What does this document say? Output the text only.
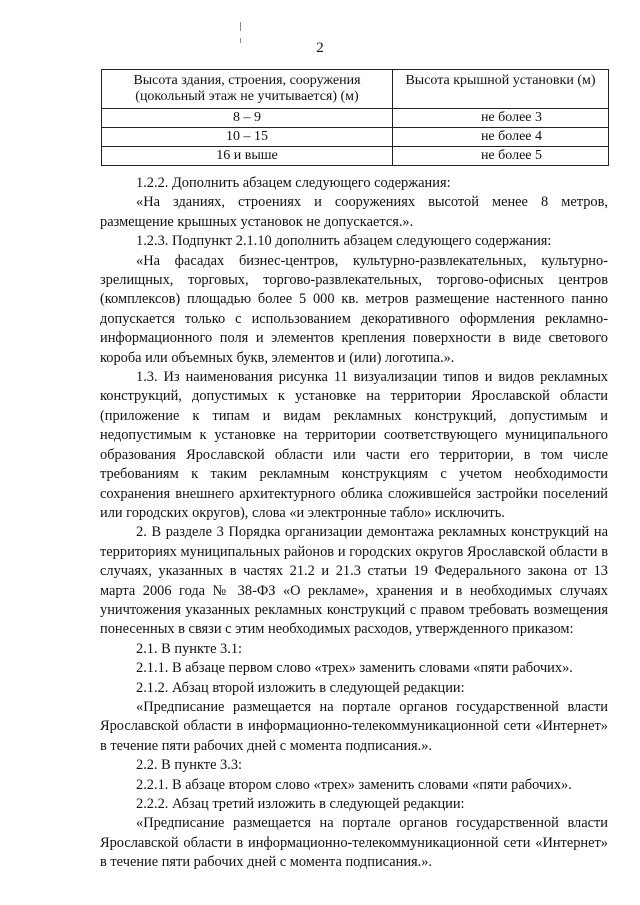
2
Высота здания, строения, сооружения (цокольный этаж не учитывается) (м)	Высота крышной установки (м)
8 – 9	не более 3
10 – 15	не более 4
16 и выше	не более 5

1.2.2. Дополнить абзацем следующего содержания:

«На зданиях, строениях и сооружениях высотой менее 8 метров, размещение крышных установок не допускается.».

1.2.3. Подпункт 2.1.10 дополнить абзацем следующего содержания:

«На фасадах бизнес-центров, культурно-развлекательных, культурно-зрелищных, торговых, торгово-развлекательных, торгово-офисных центров (комплексов) площадью более 5 000 кв. метров размещение настенного панно допускается только с использованием декоративного оформления рекламно-информационного поля и элементов крепления поверхности в виде светового короба или объемных букв, элементов и (или) логотипа.».

1.3. Из наименования рисунка 11 визуализации типов и видов рекламных конструкций, допустимых к установке на территории Ярославской области (приложение к типам и видам рекламных конструкций, допустимым и недопустимым к установке на территории соответствующего муниципального образования Ярославской области или части его территории, в том числе требованиям к таким рекламным конструкциям с учетом необходимости сохранения внешнего архитектурного облика сложившейся застройки поселений или городских округов), слова «и электронные табло» исключить.

2. В разделе 3 Порядка организации демонтажа рекламных конструкций на территориях муниципальных районов и городских округов Ярославской области в случаях, указанных в частях 21.2 и 21.3 статьи 19 Федерального закона от 13 марта 2006 года № 38-ФЗ «О рекламе», хранения и в необходимых случаях уничтожения указанных рекламных конструкций с правом требовать возмещения понесенных в связи с этим необходимых расходов, утвержденного приказом:

2.1. В пункте 3.1:

2.1.1. В абзаце первом слово «трех» заменить словами «пяти рабочих».

2.1.2. Абзац второй изложить в следующей редакции:

«Предписание размещается на портале органов государственной власти Ярославской области в информационно-телекоммуникационной сети «Интернет» в течение пяти рабочих дней с момента подписания.».

2.2. В пункте 3.3:

2.2.1. В абзаце втором слово «трех» заменить словами «пяти рабочих».

2.2.2. Абзац третий изложить в следующей редакции:

«Предписание размещается на портале органов государственной власти Ярославской области в информационно-телекоммуникационной сети «Интернет» в течение пяти рабочих дней с момента подписания.».
